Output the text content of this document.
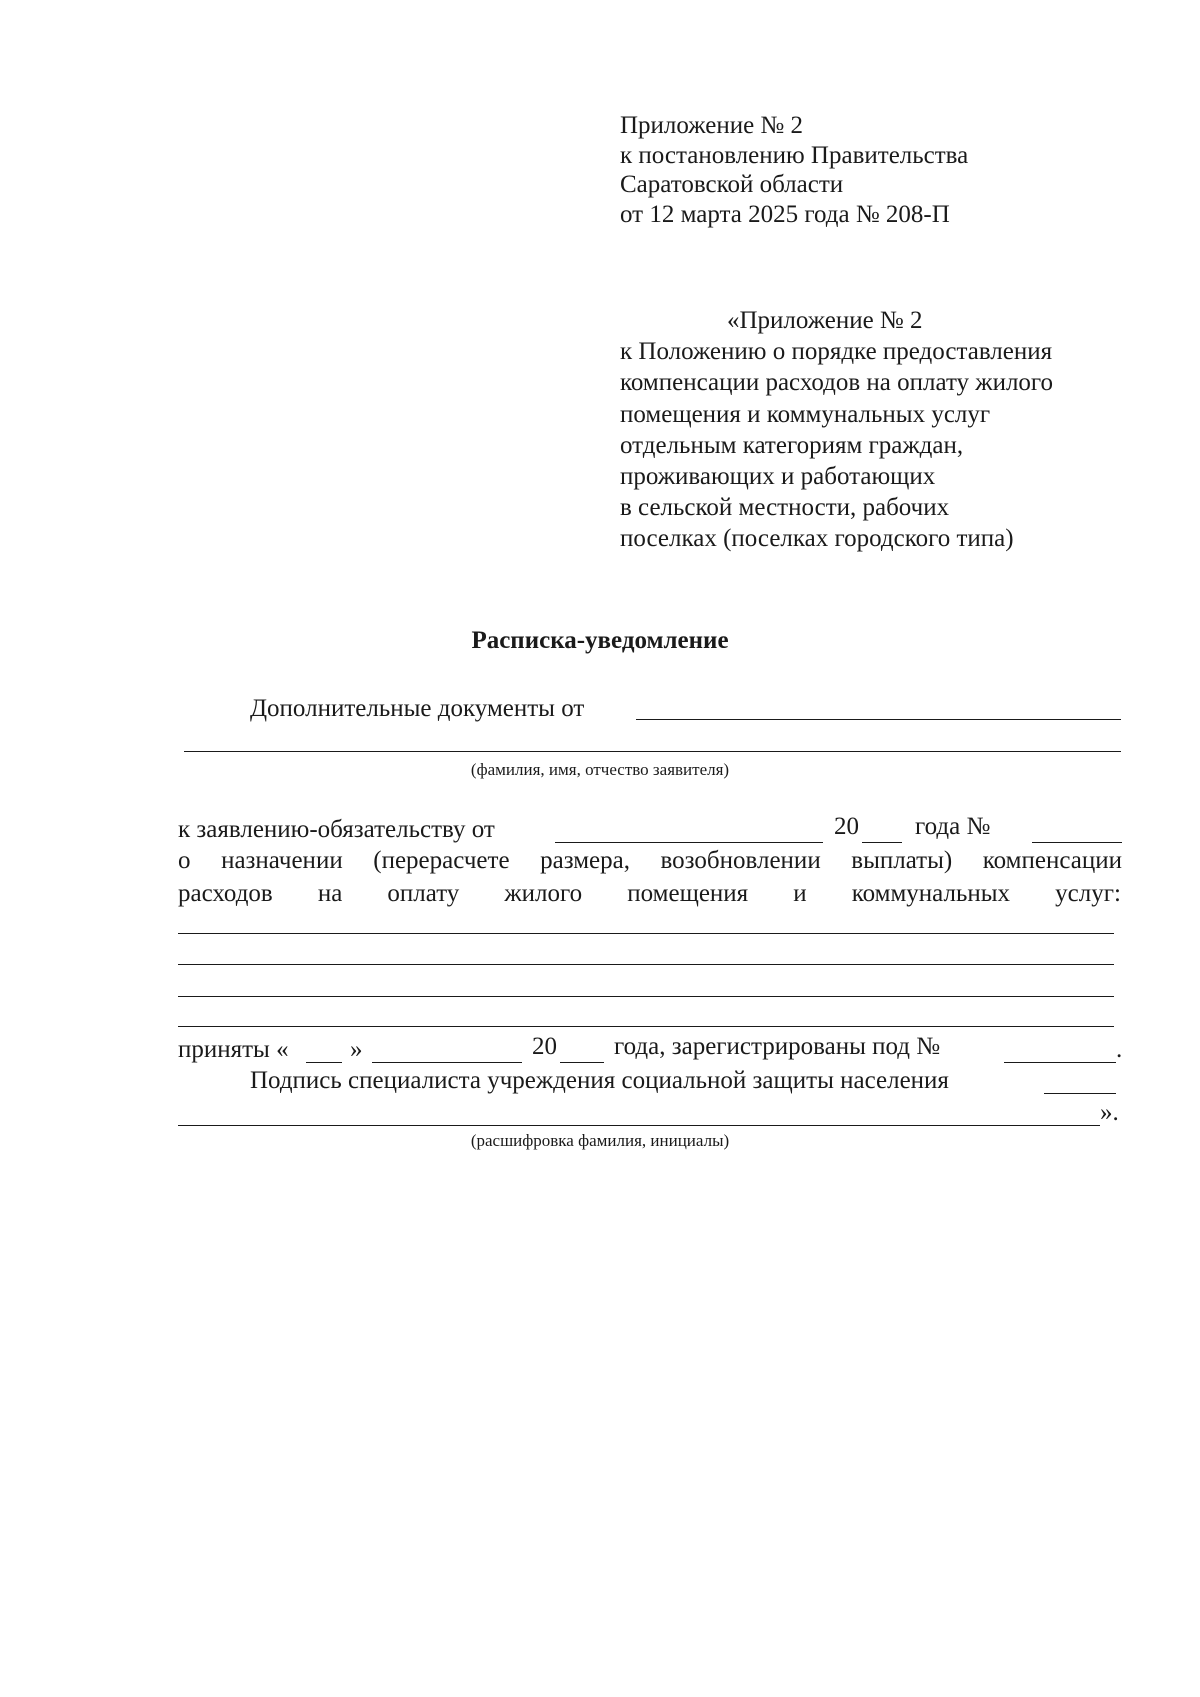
Приложение № 2
к постановлению Правительства
Саратовской области
от 12 марта 2025 года № 208-П
«Приложение № 2
к Положению о порядке предоставления
компенсации расходов на оплату жилого
помещения и коммунальных услуг
отдельным категориям граждан,
проживающих и работающих
в сельской местности, рабочих
поселках (поселках городского типа)
Расписка-уведомление
Дополнительные документы от
(фамилия, имя, отчество заявителя)
к заявлению-обязательству от	20 года №
о назначении (перерасчете размера, возобновлении выплаты) компенсации
расходов на оплату жилого помещения и коммунальных услуг:
приняты « »	20 года, зарегистрированы под №	.
Подпись специалиста учреждения социальной защиты населения
».
(расшифровка фамилия, инициалы)
